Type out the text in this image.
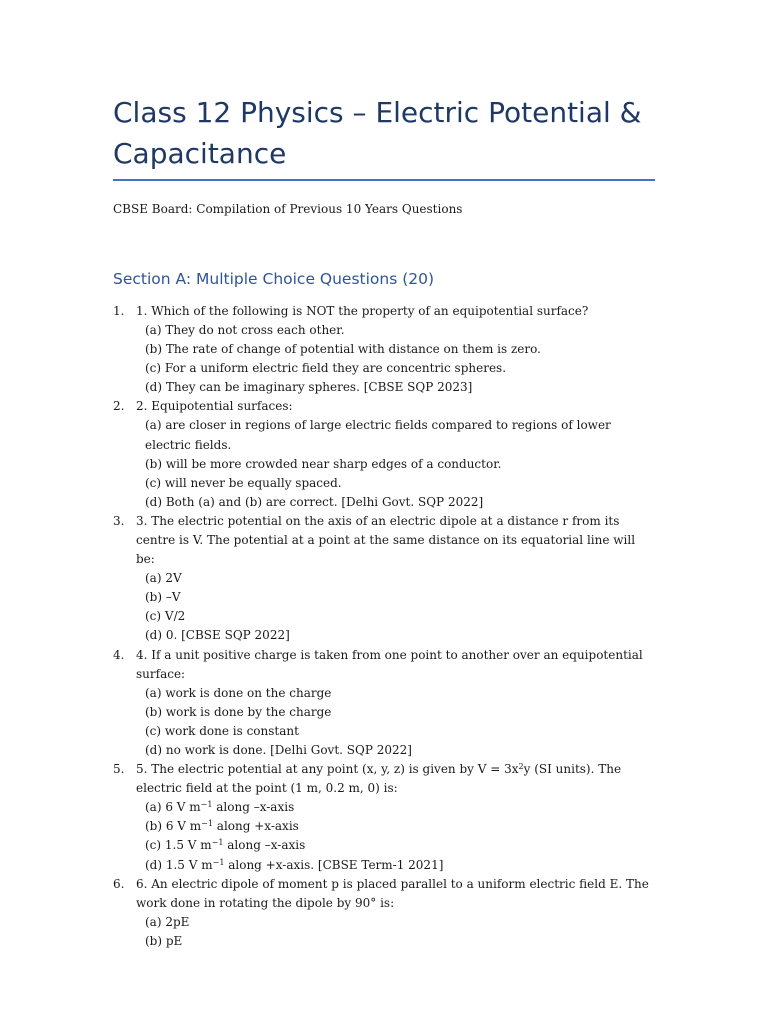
Class 12 Physics – Electric Potential & Capacitance
CBSE Board: Compilation of Previous 10 Years Questions
Section A: Multiple Choice Questions (20)
1. 1. Which of the following is NOT the property of an equipotential surface?
(a) They do not cross each other.
(b) The rate of change of potential with distance on them is zero.
(c) For a uniform electric field they are concentric spheres.
(d) They can be imaginary spheres. [CBSE SQP 2023]
2. 2. Equipotential surfaces:
(a) are closer in regions of large electric fields compared to regions of lower electric fields.
(b) will be more crowded near sharp edges of a conductor.
(c) will never be equally spaced.
(d) Both (a) and (b) are correct. [Delhi Govt. SQP 2022]
3. 3. The electric potential on the axis of an electric dipole at a distance r from its centre is V. The potential at a point at the same distance on its equatorial line will be:
(a) 2V
(b) –V
(c) V/2
(d) 0. [CBSE SQP 2022]
4. 4. If a unit positive charge is taken from one point to another over an equipotential surface:
(a) work is done on the charge
(b) work is done by the charge
(c) work done is constant
(d) no work is done. [Delhi Govt. SQP 2022]
5. 5. The electric potential at any point (x, y, z) is given by $V = 3x^2y$ (SI units). The electric field at the point (1 m, 0.2 m, 0) is:
(a) 6 V $m^{-1}$ along –x-axis
(b) 6 V $m^{-1}$ along +x-axis
(c) 1.5 V $m^{-1}$ along –x-axis
(d) 1.5 V $m^{-1}$ along +x-axis. [CBSE Term-1 2021]
6. 6. An electric dipole of moment p is placed parallel to a uniform electric field E. The work done in rotating the dipole by 90° is:
(a) 2pE
(b) pE
